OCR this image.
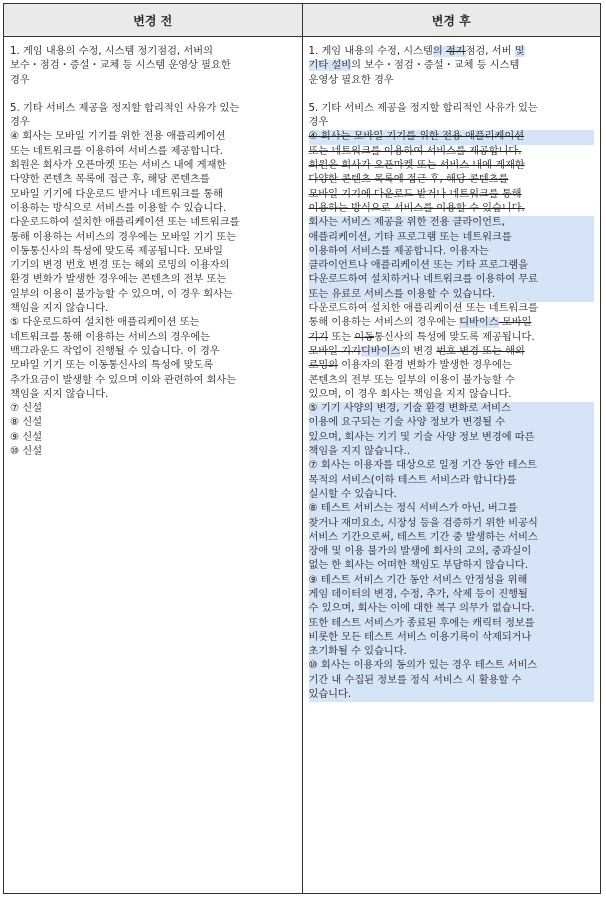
변경 전	변경 후
1. 게임 내용의 수정, 시스템 정기점검, 서버의
보수・점검・증설・교체 등 시스템 운영상 필요한
경우
5. 기타 서비스 제공을 정지할 합리적인 사유가 있는
경우
④ 회사는 모바일 기기를 위한 전용 애플리케이션
또는 네트워크를 이용하여 서비스를 제공합니다.
회원은 회사가 오픈마켓 또는 서비스 내에 게재한
다양한 콘텐츠 목록에 접근 후, 해당 콘텐츠를
모바일 기기에 다운로드 받거나 네트워크를 통해
이용하는 방식으로 서비스를 이용할 수 있습니다.
다운로드하여 설치한 애플리케이션 또는 네트워크를
통해 이용하는 서비스의 경우에는 모바일 기기 또는
이동통신사의 특성에 맞도록 제공됩니다. 모바일
기기의 변경 번호 변경 또는 해외 로밍의 이용자의
환경 변화가 발생한 경우에는 콘텐츠의 전부 또는
일부의 이용이 불가능할 수 있으며, 이 경우 회사는
책임을 지지 않습니다.
⑤ 다운로드하여 설치한 애플리케이션 또는
네트워크를 통해 이용하는 서비스의 경우에는
백그라운드 작업이 진행될 수 있습니다. 이 경우
모바일 기기 또는 이동통신사의 특성에 맞도록
추가요금이 발생할 수 있으며 이와 관련하여 회사는
책임을 지지 않습니다.
⑦ 신설
⑧ 신설
⑨ 신설
⑩ 신설
1. 게임 내용의 수정, 시스템의 정기점검, 서버 및
기타 설비의 보수・점검・증설・교체 등 시스템
운영상 필요한 경우
5. 기타 서비스 제공을 정지할 합리적인 사유가 있는
경우
④ 회사는 모바일 기기를 위한 전용 애플리케이션
또는 네트워크를 이용하여 서비스를 제공합니다.
회원은 회사가 오픈마켓 또는 서비스 내에 게재한
다양한 콘텐츠 목록에 접근 후, 해당 콘텐츠를
모바일 기기에 다운로드 받거나 네트워크를 통해
이용하는 방식으로 서비스를 이용할 수 있습니다.
회사는 서비스 제공을 위한 전용 클라이언트,
애플리케이션, 기타 프로그램 또는 네트워크를
이용하여 서비스를 제공합니다. 이용자는
클라이언트나 애플리케이션 또는 기타 프로그램을
다운로드하여 설치하거나 네트워크를 이용하여 무료
또는 유료로 서비스를 이용할 수 있습니다.
다운로드하여 설치한 애플리케이션 또는 네트워크를
통해 이용하는 서비스의 경우에는 디바이스 모바일
기기 또는 이동통신사의 특성에 맞도록 제공됩니다.
모바일 기기디바이스의 변경 번호 변경 또는 해외
로밍의 이용자의 환경 변화가 발생한 경우에는
콘텐츠의 전부 또는 일부의 이용이 불가능할 수
있으며, 이 경우 회사는 책임을 지지 않습니다.
⑤ 기기 사양의 변경, 기술 환경 변화로 서비스
이용에 요구되는 기술 사양 정보가 변경될 수
있으며, 회사는 기기 및 기술 사양 정보 변경에 따른
책임을 지지 않습니다..
⑦ 회사는 이용자를 대상으로 일정 기간 동안 테스트
목적의 서비스(이하 테스트 서비스라 합니다)를
실시할 수 있습니다.
⑧ 테스트 서비스는 정식 서비스가 아닌, 버그를
찾거나 재미요소, 시장성 등을 검증하기 위한 비공식
서비스 기간으로써, 테스트 기간 중 발생하는 서비스
장애 및 이용 불가의 발생에 회사의 고의, 중과실이
없는 한 회사는 어떠한 책임도 부담하지 않습니다.
⑨ 테스트 서비스 기간 동안 서비스 안정성을 위해
게임 데이터의 변경, 수정, 추가, 삭제 등이 진행될
수 있으며, 회사는 이에 대한 복구 의무가 없습니다.
또한 테스트 서비스가 종료된 후에는 캐릭터 정보를
비롯한 모든 테스트 서비스 이용기록이 삭제되거나
초기화될 수 있습니다.
⑩ 회사는 이용자의 동의가 있는 경우 테스트 서비스
기간 내 수집된 정보를 정식 서비스 시 활용할 수
있습니다.
